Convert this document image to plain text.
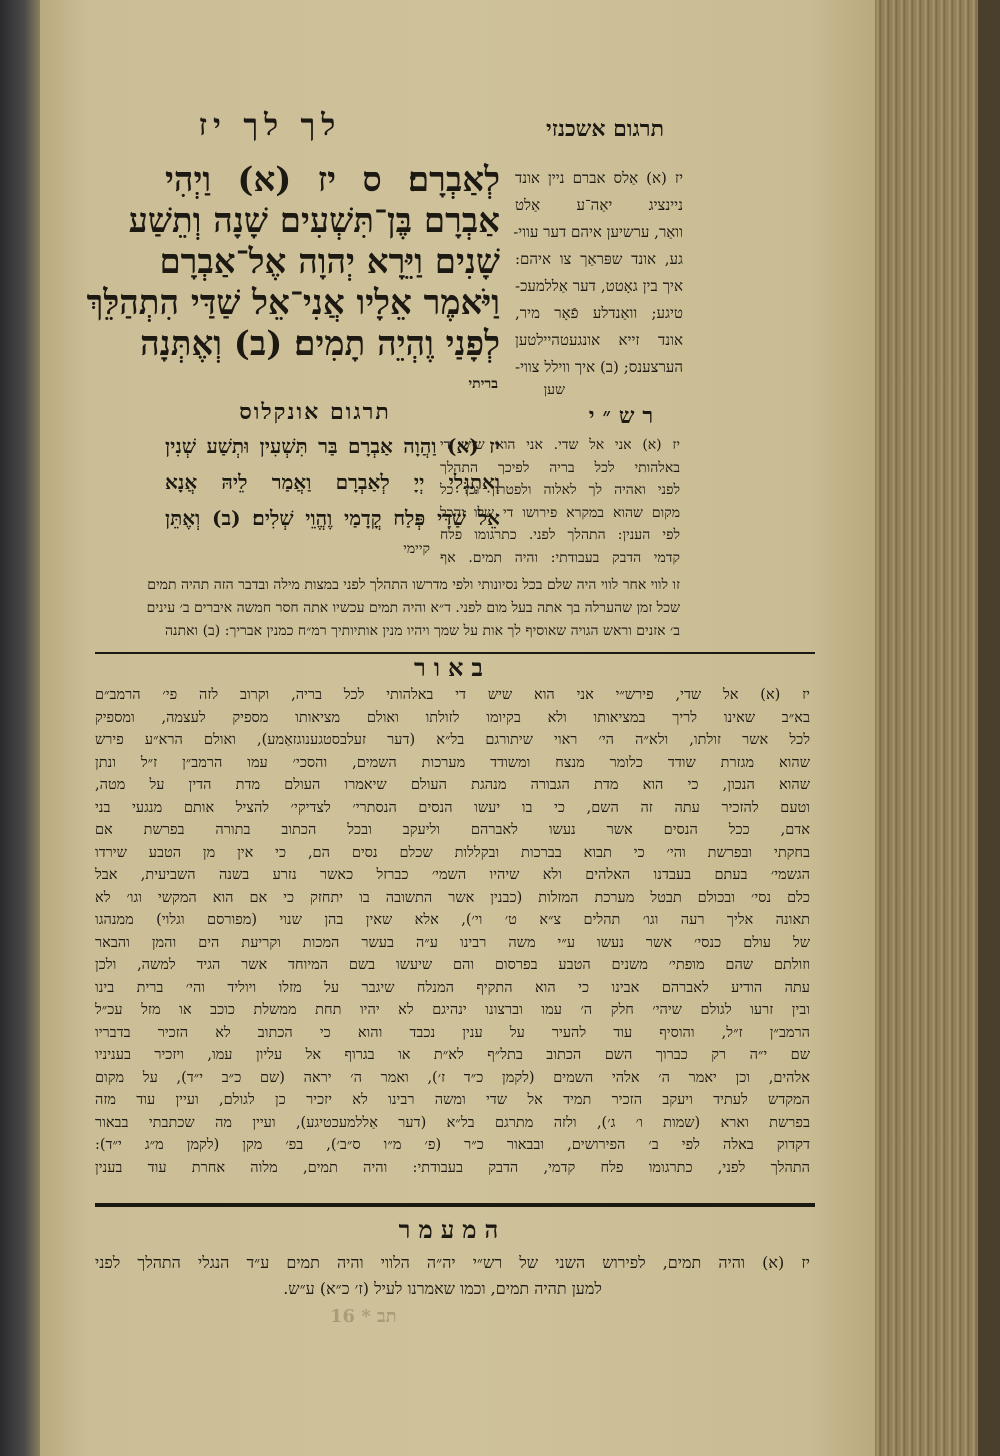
לך לך יז	תרגום אשכנזי
לְאַבְרָם׃ ס יז (א) וַיְהִי
אַבְרָם בֶּן־תִּשְׁעִים שָׁנָה וְתֵשַׁע
שָׁנִים וַיֵּרָא יְהוָה אֶל־אַבְרָם
וַיֹּאמֶר אֵלָיו אֲנִי־אֵל שַׁדַּי הִתְהַלֵּךְ
לְפָנַי וֶהְיֵה תָמִים׃ (ב) וְאֶתְּנָה
בריתי
יז (א) אַלס אברם ניין אונד
ניינציג יאַה־ע אַלט
וואַר, ערשיען איהם דער עווי-
גע, אונד שפּראַך צו איהם:
איך בין גאָטט, דער אַללמעכ-
טיגע; וואַנדלע פֿאָר מיר,
אונד זייא אונגעטהיילטען
הערצענס; (ב) איך ווילל צווי-
שען
תרגום אונקלוס	רש״י
יז (א) וַהֲוָה אַבְרָם בַּר תִּשְׁעִין וּתְשַׁע שְׁנִין
וְאִתְגְּלִי יְיָ לְאַבְרָם וַאֲמַר לֵיהּ אֲנָא
אֵל שַׁדַּי פְּלַח קֳדָמַי וֶהֱוֵי שְׁלִים׃ (ב) וְאֶתֵּן
קיימי
יז (א) אני אל שדי. אני הוא שיש די
באלהותי לכל בריה לפיכך התהלך
לפני ואהיה לך לאלוה ולפטרון וכן כל
מקום שהוא במקרא פירושו די שלו והכל
לפי הענין: התהלך לפני. כתרגומו פלח
קדמי הדבק בעבודתי: והיה תמים. אף
זו לווי אחר לווי היה שלם בכל נסיונותי ולפי מדרשו התהלך לפני במצות מילה ובדבר הזה תהיה תמים
שכל זמן שהערלה בך אתה בעל מום לפני. ד״א והיה תמים עכשיו אתה חסר חמשה איברים ב׳ עינים
ב׳ אזנים וראש הגויה שאוסיף לך אות על שמך ויהיו מנין אותיותיך רמ״ח כמנין אבריך: (ב) ואתנה
באור
יז (א) אל שדי, פירש״י אני הוא שיש די באלהותי לכל בריה, וקרוב לזה פי׳ הרמב״ם
בא״ב שאינו לריך במציאותו ולא בקיומו לזולתו ואולם מציאותו מספיק לעצמה, ומספיק
לכל אשר זולתו, ולא״ה הי׳ ראוי שיתורגם בל״א (דער זעלבסטגענוגזאַמע), ואולם הרא״ע פירש
שהוא מגזרת שודד כלומר מנצח ומשודד מערכות השמים, והסכי׳ עמו הרמב״ן ז״ל ונתן
שהוא הנכון, כי הוא מדת הגבורה מנהגת העולם שיאמרו העולם מדת הדין על מטה,
וטעם להזכיר עתה זה השם, כי בו יעשו הנסים הנסתרי׳ לצדיקי׳ להציל אותם מנגעי בני
אדם, ככל הנסים אשר נעשו לאברהם וליעקב ובכל הכתוב בתורה בפרשת אם
בחקתי ובפרשת והי׳ כי תבוא בברכות ובקללות שכלם נסים הם, כי אין מן הטבע שירדו
הגשמי׳ בעתם בעבדנו האלהים ולא שיהיו השמי׳ כברזל כאשר נזרע בשנה השביעית, אבל
כלם נסי׳ ובכולם תבטל מערכת המזלות (כבנין אשר התשובה בו יתחזק כי אם הוא המקשי וגו׳ לא
תאונה אליך רעה וגו׳ תהלים צ״א ט׳ וי׳), אלא שאין בהן שנוי (מפורסם וגלוי) ממנהגו
של עולם כנסי׳ אשר נעשו ע״י משה רבינו ע״ה בעשר המכות וקריעת הים והמן והבאר
וזולתם שהם מופתי׳ משנים הטבע בפרסום והם שיעשו בשם המיוחד אשר הגיד למשה, ולכן
עתה הודיע לאברהם אבינו כי הוא התקיף המנלח שיגבר על מזלו ויוליד והי׳ ברית בינו
ובין זרעו לגולם שיהי׳ חלק ה׳ עמו וברצונו ינהיגם לא יהיו תחת ממשלת כוכב או מזל עכ״ל
הרמב״ן ז״ל, והוסיף עוד להעיר על ענין נכבד והוא כי הכתוב לא הזכיר בדבריו
שם י״ה רק כברוך השם הכתוב בתל״ף לא״ת או בגרוף אל עליון עמו, ויזכיר בעניניו
אלהים, וכן יאמר ה׳ אלהי השמים (לקמן כ״ד ז׳), ואמר ה׳ יראה (שם כ״ב י״ד), על מקום
המקדש לעתיד ויעקב הזכיר תמיד אל שדי ומשה רבינו לא יזכיר כן לגולם, ועיין עוד מזה
בפרשת וארא (שמות ו׳ ג׳), ולזה מתרגם בל״א (דער אַללמעכטיגע), ועיין מה שכתבתי בבאור
דקדוק באלה לפי ב׳ הפירושים, ובבאור כ״ר (פ׳ מ״ו ס״ב׳), בפ׳ מקן (לקמן מ״ג י״ד):
התהלך לפני, כתרגומו פלח קדמי, הדבק בעבודתי: והיה תמים, מלוה אחרת עוד בענין
המעמר
יז (א) והיה תמים, לפירוש השני של רש״י יה״ה הלווי והיה תמים ע״ד הנגלי התהלך לפני
למען תהיה תמים, וכמו שאמרנו לעיל (ז׳ כ״א) ע״ש.
16 * תב
